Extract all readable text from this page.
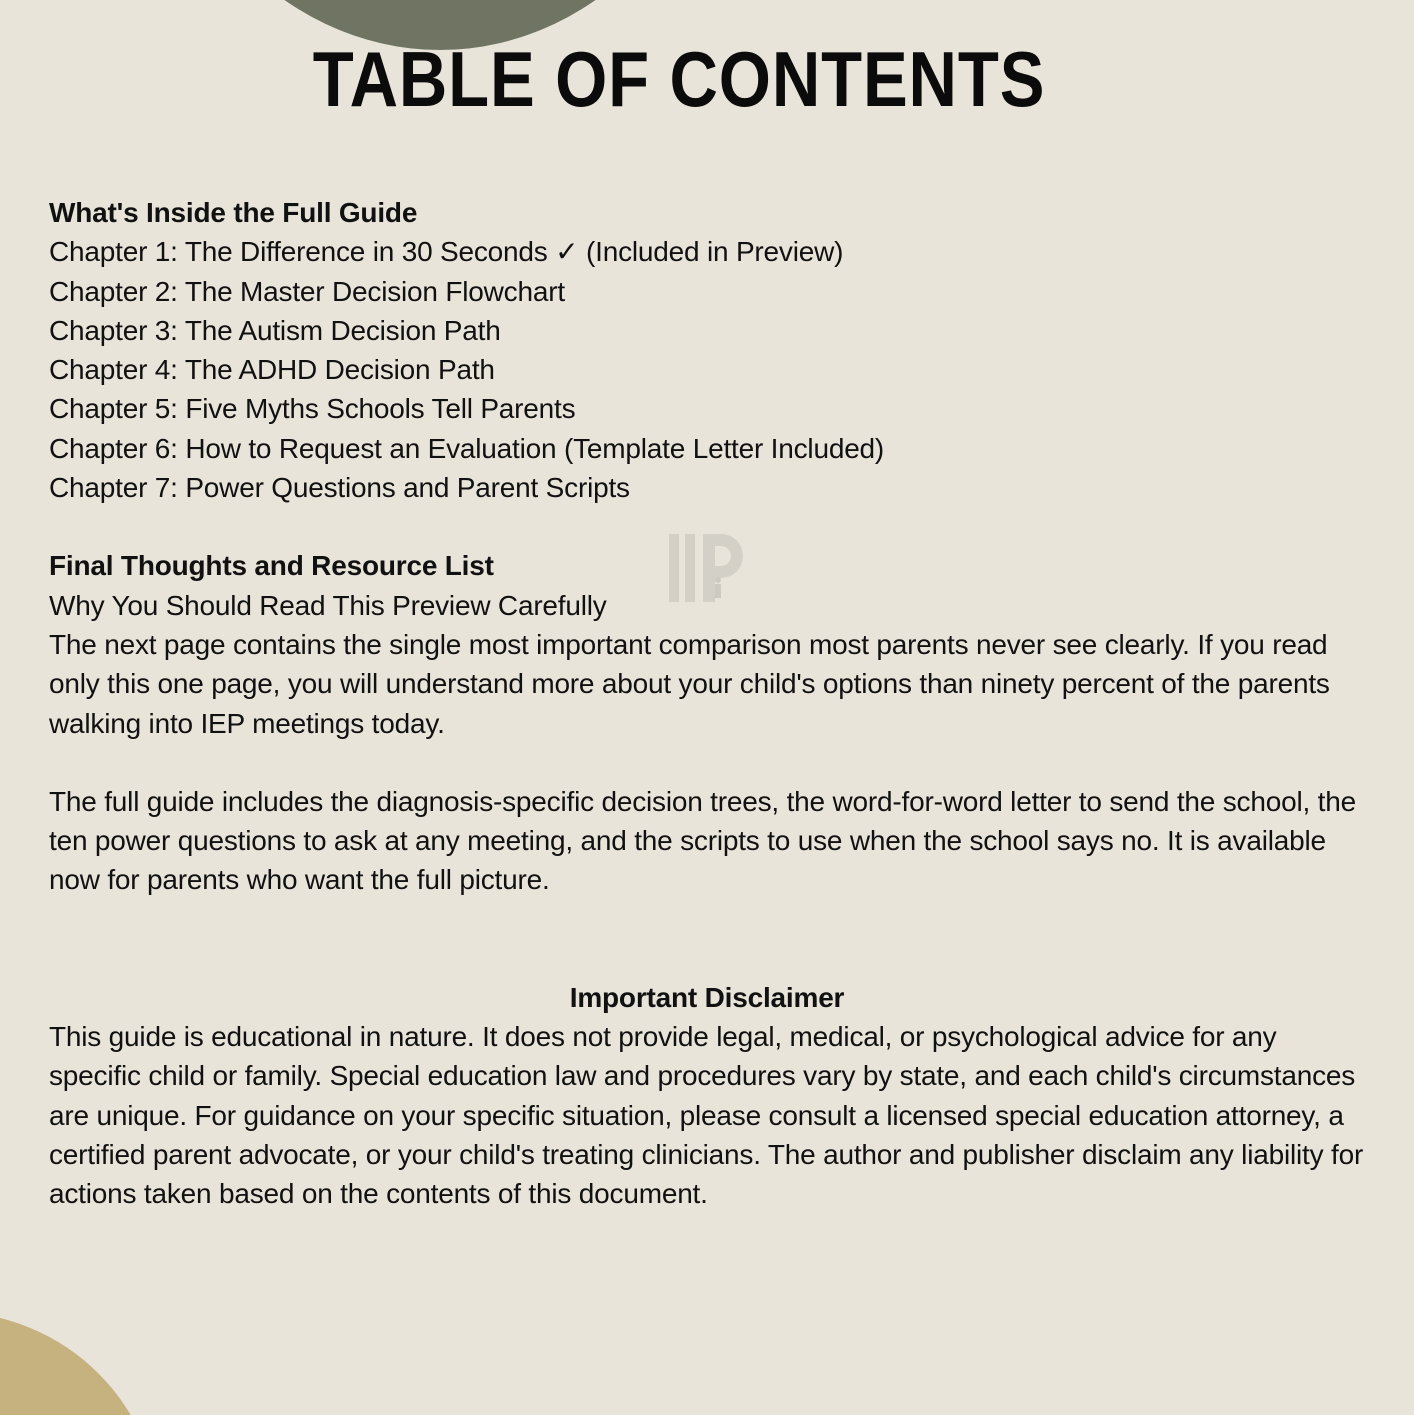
TABLE OF CONTENTS

What's Inside the Full Guide

Chapter 1: The Difference in 30 Seconds ✓ (Included in Preview)

Chapter 2: The Master Decision Flowchart

Chapter 3: The Autism Decision Path

Chapter 4: The ADHD Decision Path

Chapter 5: Five Myths Schools Tell Parents

Chapter 6: How to Request an Evaluation (Template Letter Included)

Chapter 7: Power Questions and Parent Scripts

Final Thoughts and Resource List

Why You Should Read This Preview Carefully

The next page contains the single most important comparison most parents never see clearly. If you read only this one page, you will understand more about your child's options than ninety percent of the parents walking into IEP meetings today.

The full guide includes the diagnosis-specific decision trees, the word-for-word letter to send the school, the ten power questions to ask at any meeting, and the scripts to use when the school says no. It is available now for parents who want the full picture.

Important Disclaimer

This guide is educational in nature. It does not provide legal, medical, or psychological advice for any specific child or family. Special education law and procedures vary by state, and each child's circumstances are unique. For guidance on your specific situation, please consult a licensed special education attorney, a certified parent advocate, or your child's treating clinicians. The author and publisher disclaim any liability for actions taken based on the contents of this document.
